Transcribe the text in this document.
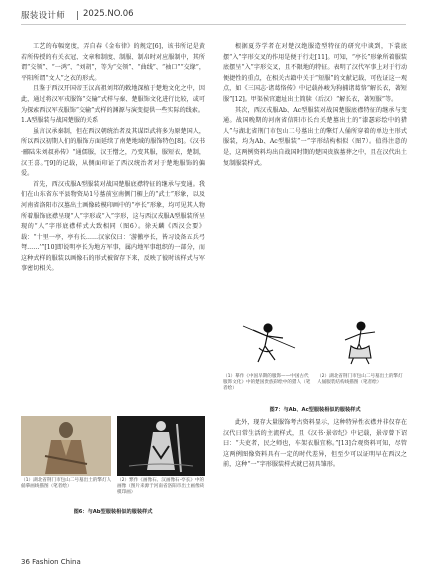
服装设计师 2025.NO.06

工艺的布幅宽度，弄自春《金布律》的规定[6]，该书所记是黄若所传授的有关衣冠、文章和制度、制服、制帛时对应服制中，其所谓“交领”、“一鸿”、“刘胡”，等为“交领”、“曲线”、“袖口”“交缘”，平阳所谓“文人”之衣的形式。

且鉴于西汉开国帝王汉高祖刘邦的敕地深植于楚地文化之中，因此，通过将汉军戎服饰“交输”式样与秦、楚服饰文化进行比较，或可为探索西汉军戎服饰“交输”式样的渊源与演变提供一些实际的线索。

1.A型服装与战国楚服的关系

虽言汉承秦制，但在西汉朝统治者及其谋臣武将多为原楚国人，所以西汉初期人们的服饰方面延续了南楚地域的服饰特色[8]。《汉书·郦陆朱刘叔孙传》“通儒服，汉王憎之，乃变其服，服短衣，楚制，汉王喜。”[9]的记载，从侧面印证了西汉统治者对于楚地服饰的偏爱。

首先，西汉戎服A型服装对战国楚服底襟特征的继承与变通。我们在山东省东平县物资局1号墓前室南侧门楣上的“武士”形象，以及河南省洛阳市汉墓出土画像砖模印画中的“亭长”形象，均可见其人物所着服饰底襟呈现“人”字形或“入”字形，这与西汉戎服A型服装所呈现的“人”字形底襟样式大致相同（图6）。徐天麟《西汉会要》载：“十里一亭，亭有长……汉家仪曰：‘游徼亭长，皆习设备五兵弓弩……’”[10]即说明亭长为地方军事，属内地军事组织的一部分，而这种式样的服装以画像石的形式被留存下来，反映了彼时该样式与军事密切相关。

根据夏芬学者在对楚汉绝服造型特征的研究中谈到，下裳底摆“入”字形交叉的作用是便于行走[11]。可知，“亭长”形象所着服装底摆呈“入”字形交叉，且不限地的特征。表明了汉代军事上对于行动便捷性的重点，在相关古籍中关于“短服”的文献记载，可佐证这一观点，如《三国志·诸葛恪传》中记载孙峻为狗捕诸葛恪“解长衣，著短服”[12]。甲渠侯官遗址出土简牍（后汉）“解长衣，著短服”等。

其次，西汉戎服Ab、Ac型服装对战国楚服底襟特征的继承与变通。战国晚期的河南省信阳市长台关楚墓出土的“漆瑟彩绘中的猎人”与湖北省荆门市包山二号墓出土的擎灯人俑所穿着的单边主形式服装，均为Ab、Ac型服装“一”字形结构相似（图7）。值得注意的是，这两例资料均出自战国时期的楚国贵族墓葬之中，且在汉代出土复制服装样式。

（1）摹作《中国早期的服饰——中国古代服饰文化》中的楚国贵族彩绘中的猎人（笔者绘）
（2）湖北省荆门市包山二号墓出土的擎灯人俑服装结构线描图（笔者绘）
图7：与Ab、Ac型服装相似的服装样式

此外，现存大量服饰考古资料显示，这种特异性衣襟并非仅存在汉代日常生活的主流样式，且《汉书·景帝纪》中记载，景帝曾下诏曰：“夫吏者，民之师也，车架衣服宜称。”[13]合观资料可知，尽管这两例图像资料具有一定的时代差异，但至少可以证明早在西汉之前，这种“一”字形服装样式就已初具雏形。

（1）湖北省荆门市包山二号墓出土的擎灯人俑摹画线描图（笔者绘）
（2）繁作《画像石、汉画像石·亭长》中的画像（图片来源于河南省洛阳市出土画像砖模印画）
图6：与Ab型服装相似的服装样式
36 Fashion China
